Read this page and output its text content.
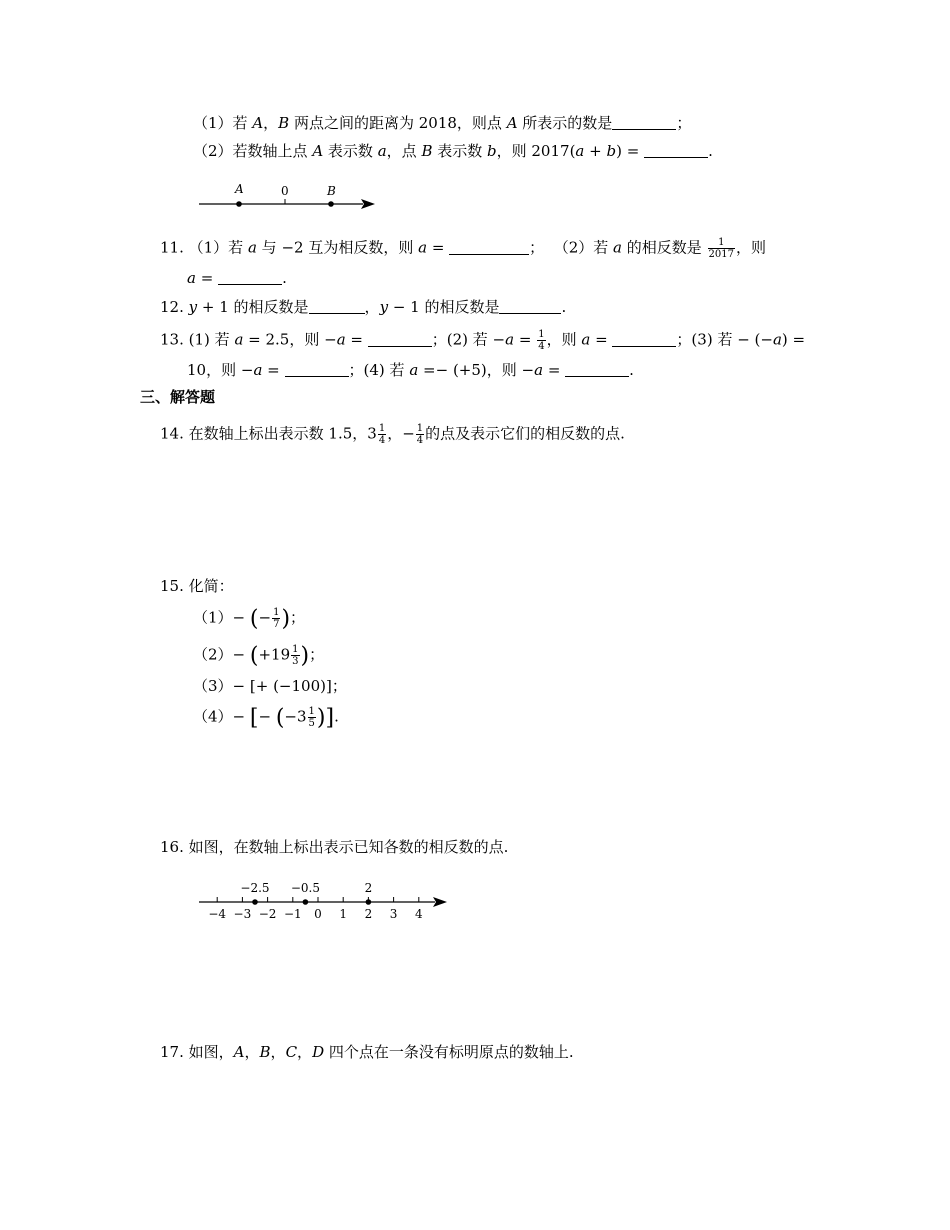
（1）若 A，B 两点之间的距离为 2018，则点 A 所表示的数是	；
（2）若数轴上点 A 表示数 a，点 B 表示数 b，则 2017(a + b) =	.
A	0	B
11. （1）若 a 与 −2 互为相反数，则 a =	； （2）若 a 的相反数是 $\frac{1}{2017}$ ，则
a =	.
12. y + 1 的相反数是	，y − 1 的相反数是	.
13. (1) 若 a = 2.5，则 −a =	；(2) 若 $-a = \frac{1}{4}$ ，则 a =	；(3) 若 − (−a) =
10，则 −a =	；(4) 若 a =− (+5)，则 −a =	.
三、解答题
14. 在数轴上标出表示数 1.5，$3 \frac{1}{4}$ ，− $\frac{1}{4}$ 的点及表示它们的相反数的点.
15. 化简：
（1）− (− $\frac{1}{7}$ )；
$(2)- (+19 \frac{1}{3}$ )；
（3）− [+ (−100)]；
（4）− [− ($-3 \frac{1}{5}$ )].
16. 如图，在数轴上标出表示已知各数的相反数的点.
−4 −3 −2 −1 0 1 2 3 4
−2.5 −0.5	2
17. 如图，A，B，C，D 四个点在一条没有标明原点的数轴上.
